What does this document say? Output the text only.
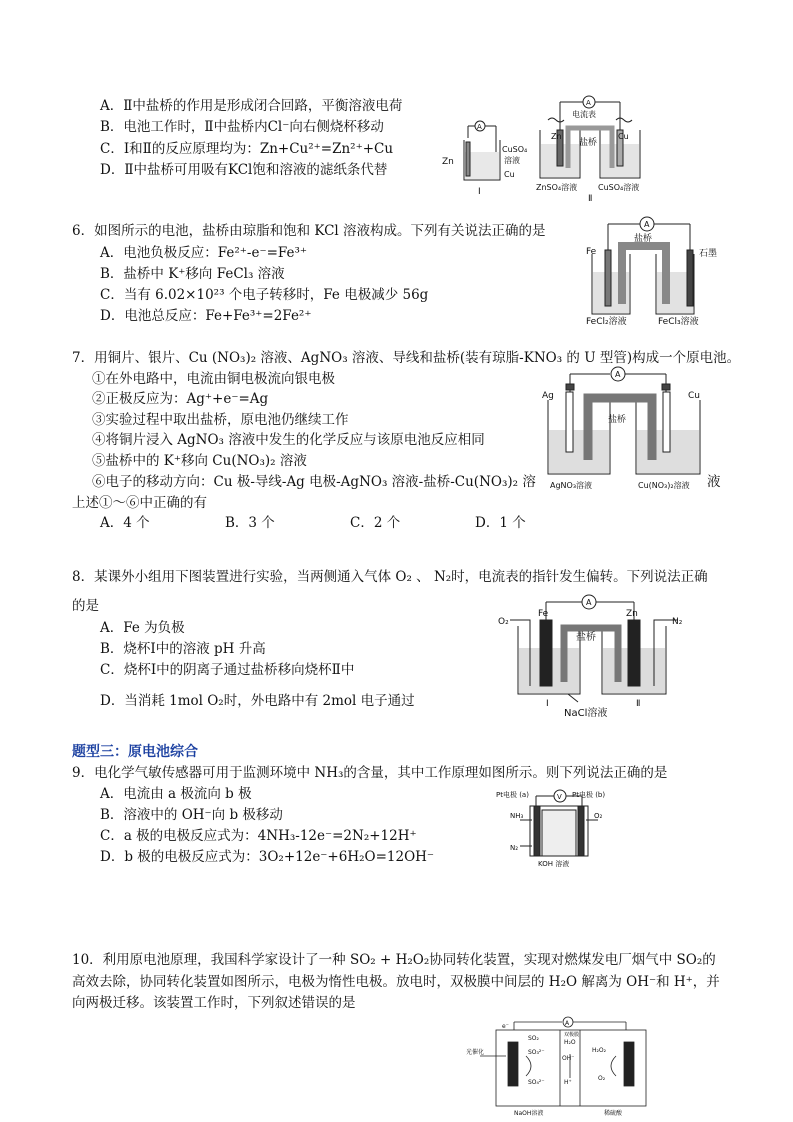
A．Ⅱ中盐桥的作用是形成闭合回路，平衡溶液电荷
B．电池工作时，Ⅱ中盐桥内Cl⁻向右侧烧杯移动
C．Ⅰ和Ⅱ的反应原理均为：Zn+Cu²⁺=Zn²⁺+Cu
D．Ⅱ中盐桥可用吸有KCl饱和溶液的滤纸条代替
A
Zn
CuSO₄
溶液
Cu
Ⅰ
A
电流表
Zn	Cu
盐桥
ZnSO₄溶液	CuSO₄溶液
Ⅱ
6．如图所示的电池，盐桥由琼脂和饱和 KCl 溶液构成。下列有关说法正确的是
A．电池负极反应：Fe²⁺-e⁻=Fe³⁺
B．盐桥中 K⁺移向 FeCl₃ 溶液
C．当有 6.02×10²³ 个电子转移时，Fe 电极减少 56g
D．电池总反应：Fe+Fe³⁺=2Fe²⁺
A
Fe
盐桥
石墨
FeCl₂溶液	FeCl₃溶液
7．用铜片、银片、Cu (NO₃)₂ 溶液、AgNO₃ 溶液、导线和盐桥(装有琼脂-KNO₃ 的 U 型管)构成一个原电池。
①在外电路中，电流由铜电极流向银电极
②正极反应为：Ag⁺+e⁻=Ag
③实验过程中取出盐桥，原电池仍继续工作
④将铜片浸入 AgNO₃ 溶液中发生的化学反应与该原电池反应相同
⑤盐桥中的 K⁺移向 Cu(NO₃)₂ 溶液
⑥电子的移动方向：Cu 极-导线-Ag 电极-AgNO₃ 溶液-盐桥-Cu(NO₃)₂ 溶	液
上述①～⑥中正确的有
A．4 个	B．3 个	C．2 个	D．1 个
A
Ag	Cu
盐桥
AgNO₃溶液	Cu(NO₃)₂溶液
8．某课外小组用下图装置进行实验，当两侧通入气体 O₂ 、 N₂时，电流表的指针发生偏转。下列说法正确
的是
A．Fe 为负极
B．烧杯Ⅰ中的溶液 pH 升高
C．烧杯Ⅰ中的阴离子通过盐桥移向烧杯Ⅱ中
D．当消耗 1mol O₂时，外电路中有 2mol 电子通过
A
Fe	Zn
O₂	N₂
盐桥
Ⅰ	Ⅱ
NaCl溶液
题型三：原电池综合
9．电化学气敏传感器可用于监测环境中 NH₃的含量，其中工作原理如图所示。则下列说法正确的是
A．电流由 a 极流向 b 极
B．溶液中的 OH⁻向 b 极移动
C．a 极的电极反应式为：4NH₃-12e⁻=2N₂+12H⁺
D．b 极的电极反应式为：3O₂+12e⁻+6H₂O=12OH⁻
V
Pt电极 (a)	Pt电极 (b)
NH₃	O₂
N₂
KOH 溶液
10．利用原电池原理，我国科学家设计了一种 SO₂ + H₂O₂协同转化装置，实现对燃煤发电厂烟气中 SO₂的
高效去除，协同转化装置如图所示，电极为惰性电极。放电时，双极膜中间层的 H₂O 解离为 OH⁻和 H⁺，并
向两极迁移。该装置工作时，下列叙述错误的是
A
e⁻
双极膜
SO₂
H₂O
OH⁻
H⁺
SO₃²⁻
SO₄²⁻
H₂O₂
O₂
光催化
NaOH溶液	稀硫酸
